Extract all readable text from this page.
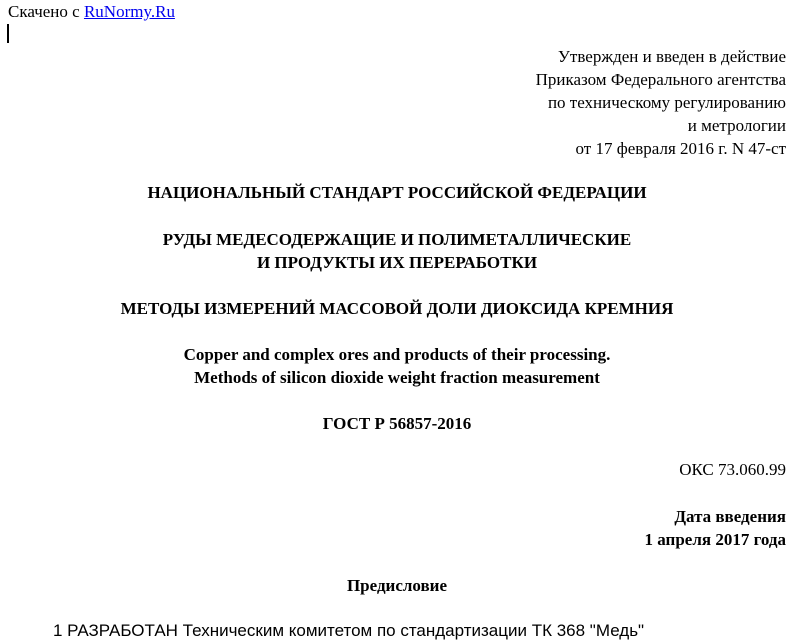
Скачено с RuNormy.Ru
Утвержден и введен в действие
Приказом Федерального агентства
по техническому регулированию
и метрологии
от 17 февраля 2016 г. N 47-ст
НАЦИОНАЛЬНЫЙ СТАНДАРТ РОССИЙСКОЙ ФЕДЕРАЦИИ
РУДЫ МЕДЕСОДЕРЖАЩИЕ И ПОЛИМЕТАЛЛИЧЕСКИЕ
И ПРОДУКТЫ ИХ ПЕРЕРАБОТКИ
МЕТОДЫ ИЗМЕРЕНИЙ МАССОВОЙ ДОЛИ ДИОКСИДА КРЕМНИЯ
Copper and complex ores and products of their processing.
Methods of silicon dioxide weight fraction measurement
ГОСТ Р 56857-2016
ОКС 73.060.99
Дата введения
1 апреля 2017 года
Предисловие
1 РАЗРАБОТАН Техническим комитетом по стандартизации ТК 368 "Медь"
